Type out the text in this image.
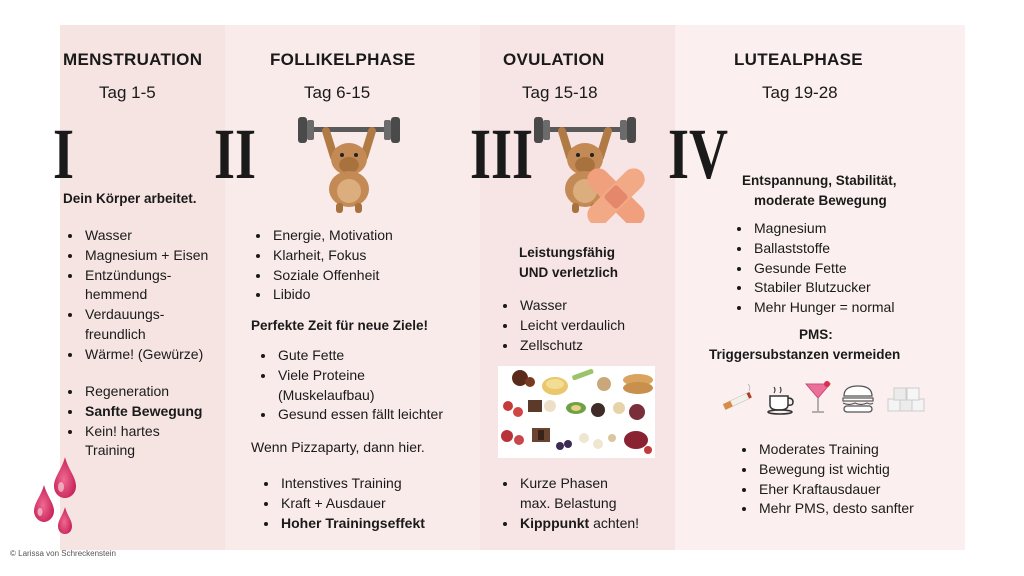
MENSTRUATION
Tag 1-5
I
Dein Körper arbeitet.
• Wasser
• Magnesium + Eisen
• Entzündungs-
hemmend
• Verdauungs-
freundlich
• Wärme! (Gewürze)
• Regeneration
• Sanfte Bewegung
• Kein! hartes
Training
FOLLIKELPHASE
Tag 6-15
II
• Energie, Motivation
• Klarheit, Fokus
• Soziale Offenheit
• Libido
Perfekte Zeit für neue Ziele!
• Gute Fette
• Viele Proteine
(Muskelaufbau)
• Gesund essen fällt leichter
Wenn Pizzaparty, dann hier.
• Intenstives Training
• Kraft + Ausdauer
• Hoher Trainingseffekt
OVULATION
Tag 15-18
III
Leistungsfähig
UND verletzlich
• Wasser
• Leicht verdaulich
• Zellschutz
• Kurze Phasen
max. Belastung
• Kipppunkt achten!
LUTEALPHASE
Tag 19-28
IV Entspannung, Stabilität,
moderate Bewegung
• Magnesium
• Ballaststoffe
• Gesunde Fette
• Stabiler Blutzucker
• Mehr Hunger = normal
PMS:
Triggersubstanzen vermeiden
• Moderates Training
• Bewegung ist wichtig
• Eher Kraftausdauer
• Mehr PMS, desto sanfter
© Larissa von Schreckenstein
